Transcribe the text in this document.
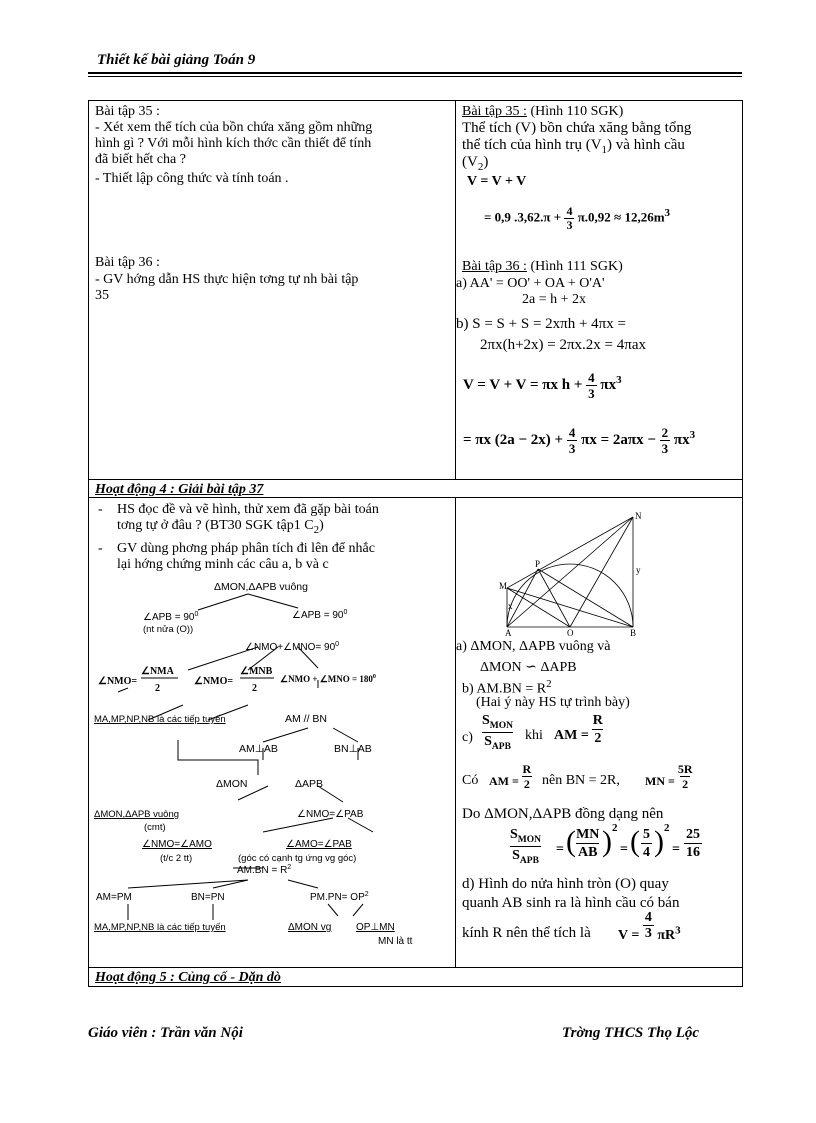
Thiết kế bài giảng Toán 9
Bài tập 35 :
- Xét xem thể tích của bồn chứa xăng gồm những
hình gì ? Với mỗi hình kích thớc cần thiết để tính
đã biết hết cha ?
- Thiết lập công thức và tính toán .
Bài tập 35 : (Hình 110 SGK)
Thể tích (V) bồn chứa xăng bằng tổng
thể tích của hình trụ $(V_1)$ và hình cầu
$(V_2)$
V = V + V
= 0,9 .3,62.π + 4
3 $\pi.0,92 \approx 12,26m^3$
Bài tập 36 :
- GV hớng dẫn HS thực hiện tơng tự nh bài tập
35
Bài tập 36 : (Hình 111 SGK)
a) AA' = OO' + OA + O'A'
2a = h + 2x
b) S = S + S = 2xπh + 4πx =
2πx(h+2x) = 2πx.2x = 4πax
V = V + V = πx h + 4
3 $\pi x^3$
= πx (2a − 2x) + 4
3 πx = 2aπx − 2
3 $\pi x^3$
Hoạt động 4 : Giải bài tập 37
- HS đọc đề và vẽ hình, thử xem đã gặp bài toán
tơng tự ở đâu ? (BT30 SGK tập1 $C_2$)
- GV dùng phơng pháp phân tích đi lên để nhắc
lại hớng chứng minh các câu a, b và c
ΔMON,ΔAPB vuông
∠APB = $90^0$
(nt nửa (O))
∠APB = $90^0$
∠NMO+∠MNO= $90^0$
∠NMO=
∠NMA
2
∠NMO=
∠MNB
2
∠NMO + ∠MNO = $180^0$
MA,MP,NP,NB là các tiếp tuyến	AM // BN
AM⊥AB	BN⊥AB
ΔMON	ΔAPB
ΔMON,ΔAPB vuông
(cmt)
∠NMO=∠PAB
∠NMO=∠AMO	∠AMO=∠PAB
(t/c 2 tt)	(góc có cạnh tg ứng vg góc)
$AM.BN = R^2$
AM=PM	BN=PN	$PM.PN= OP^2$
MA,MP,NP,NB là các tiếp tuyến	ΔMON vg OP⊥MN
MN là tt
M
N
P
A	B
O
x
y
a) ΔMON, ΔAPB vuông và
ΔMON ∽ ΔAPB
b) $AM.BN = R^2$
(Hai ý này HS tự trình bày)
c)
$S_{MON}$
$S_{APB}$
khi AM = $\frac{R}{2}$
Có AM = $\frac{R}{2}$ nên BN = 2R, MN = $\frac{5R}{2}$
Do ΔMON,ΔAPB đồng dạng nên
$S_{MON}$
$S_{APB}$
= ( $\frac{MN}{AB}$ ) 2
= ( $\frac{5}{4}$ ) 2
= $\frac{25}{16}$
d) Hình do nửa hình tròn (O) quay
quanh AB sinh ra là hình cầu có bán
kính R nên thể tích là $V = \frac{4}{3} \pi R^3$
Hoạt động 5 : Củng cố - Dặn dò
Giáo viên : Trần văn Nội	Trờng THCS Thọ Lộc
